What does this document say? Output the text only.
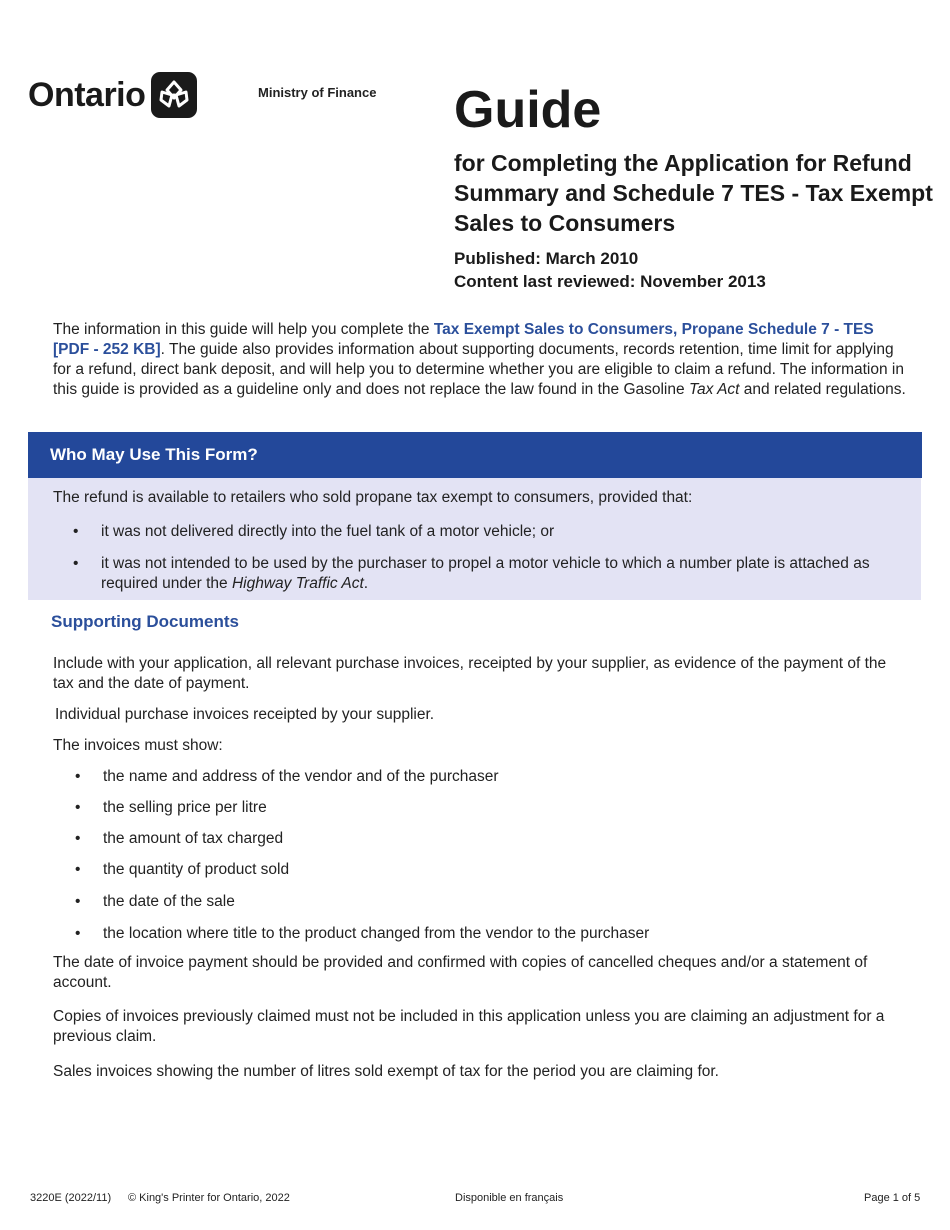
Ontario	Ministry of Finance Guide
for Completing the Application for Refund Summary and Schedule 7 TES - Tax Exempt Sales to Consumers
Published: March 2010
Content last reviewed: November 2013
The information in this guide will help you complete the Tax Exempt Sales to Consumers, Propane Schedule 7 - TES [PDF - 252 KB]. The guide also provides information about supporting documents, records retention, time limit for applying for a refund, direct bank deposit, and will help you to determine whether you are eligible to claim a refund. The information in this guide is provided as a guideline only and does not replace the law found in the Gasoline Tax Act and related regulations.
Who May Use This Form?
The refund is available to retailers who sold propane tax exempt to consumers, provided that:
• it was not delivered directly into the fuel tank of a motor vehicle; or
• it was not intended to be used by the purchaser to propel a motor vehicle to which a number plate is attached as required under the Highway Traffic Act.
Supporting Documents
Include with your application, all relevant purchase invoices, receipted by your supplier, as evidence of the payment of the tax and the date of payment.
Individual purchase invoices receipted by your supplier.
The invoices must show:
• the name and address of the vendor and of the purchaser
• the selling price per litre
• the amount of tax charged
• the quantity of product sold
• the date of the sale
• the location where title to the product changed from the vendor to the purchaser
The date of invoice payment should be provided and confirmed with copies of cancelled cheques and/or a statement of account.
Copies of invoices previously claimed must not be included in this application unless you are claiming an adjustment for a previous claim.
Sales invoices showing the number of litres sold exempt of tax for the period you are claiming for.
3220E (2022/11) © King's Printer for Ontario, 2022	Disponible en français	Page 1 of 5
